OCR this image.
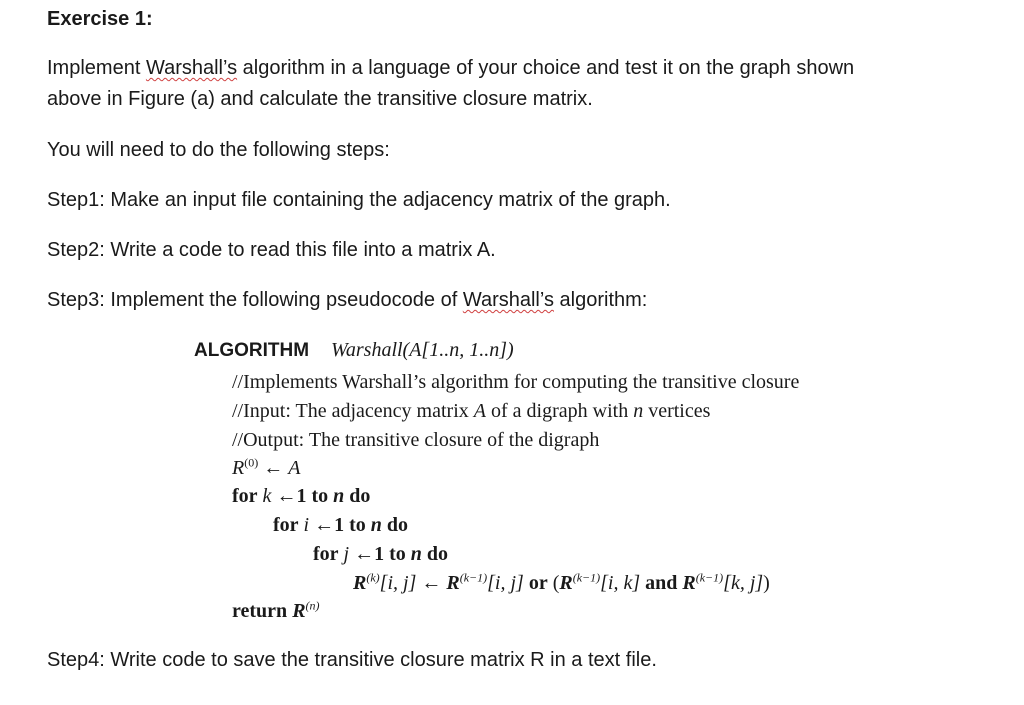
Exercise 1:
Implement Warshall’s algorithm in a language of your choice and test it on the graph shown
above in Figure (a) and calculate the transitive closure matrix.
You will need to do the following steps:
Step1: Make an input file containing the adjacency matrix of the graph.
Step2: Write a code to read this file into a matrix A.
Step3: Implement the following pseudocode of Warshall’s algorithm:
ALGORITHM Warshall(A[1..n, 1..n])
//Implements Warshall’s algorithm for computing the transitive closure
//Input: The adjacency matrix A of a digraph with n vertices
//Output: The transitive closure of the digraph
$R^{(0)}$ ← A
for k ←1 to n do
for i ←1 to n do
for j ←1 to n do
$R^{(k)}[i$, j] ← $R^{(k-1)}[i$, j] or ($R^{(k-1)}[i$, k] and $R^{(k-1)}[k$, j])
return $R^{(n)}$
Step4: Write code to save the transitive closure matrix R in a text file.
